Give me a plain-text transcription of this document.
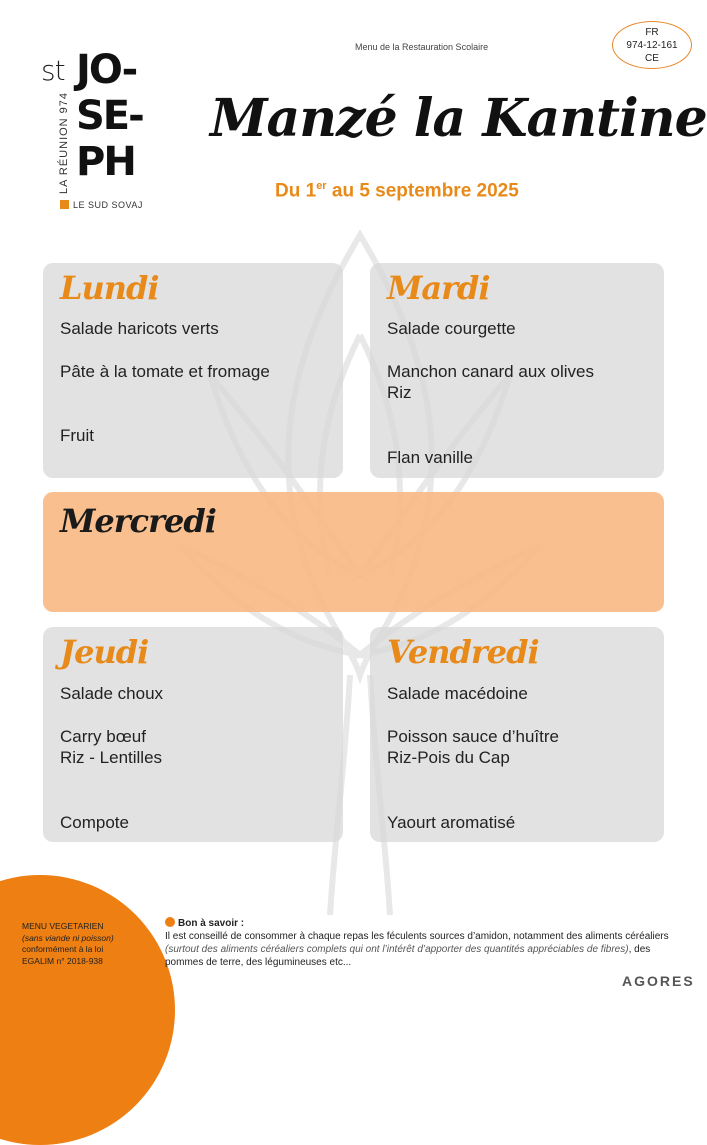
st JO-
SE-
PH
LA RÉUNION 974
LE SUD SOVAJ
Menu de la Restauration Scolaire
FR
974-12-161
CE
Manzé la Kantine
Du 1er au 5 septembre 2025
Lundi
Salade haricots verts
Pâte à la tomate et fromage
Fruit
Mardi
Salade courgette
Manchon canard aux olives
Riz
Flan vanille
Mercredi
Jeudi
Salade choux
Carry bœuf
Riz - Lentilles
Compote
Vendredi
Salade macédoine
Poisson sauce d’huître
Riz-Pois du Cap
Yaourt aromatisé
MENU VEGETARIEN
(sans viande ni poisson)
conformément à la loi
EGALIM n° 2018-938
Bon à savoir :
Il est conseillé de consommer à chaque repas les féculents sources d’amidon, notamment des aliments céréaliers (surtout des aliments céréaliers complets qui ont l’intérêt d’apporter des quantités appréciables de fibres), des pommes de terre, des légumineuses etc...
AGORES
